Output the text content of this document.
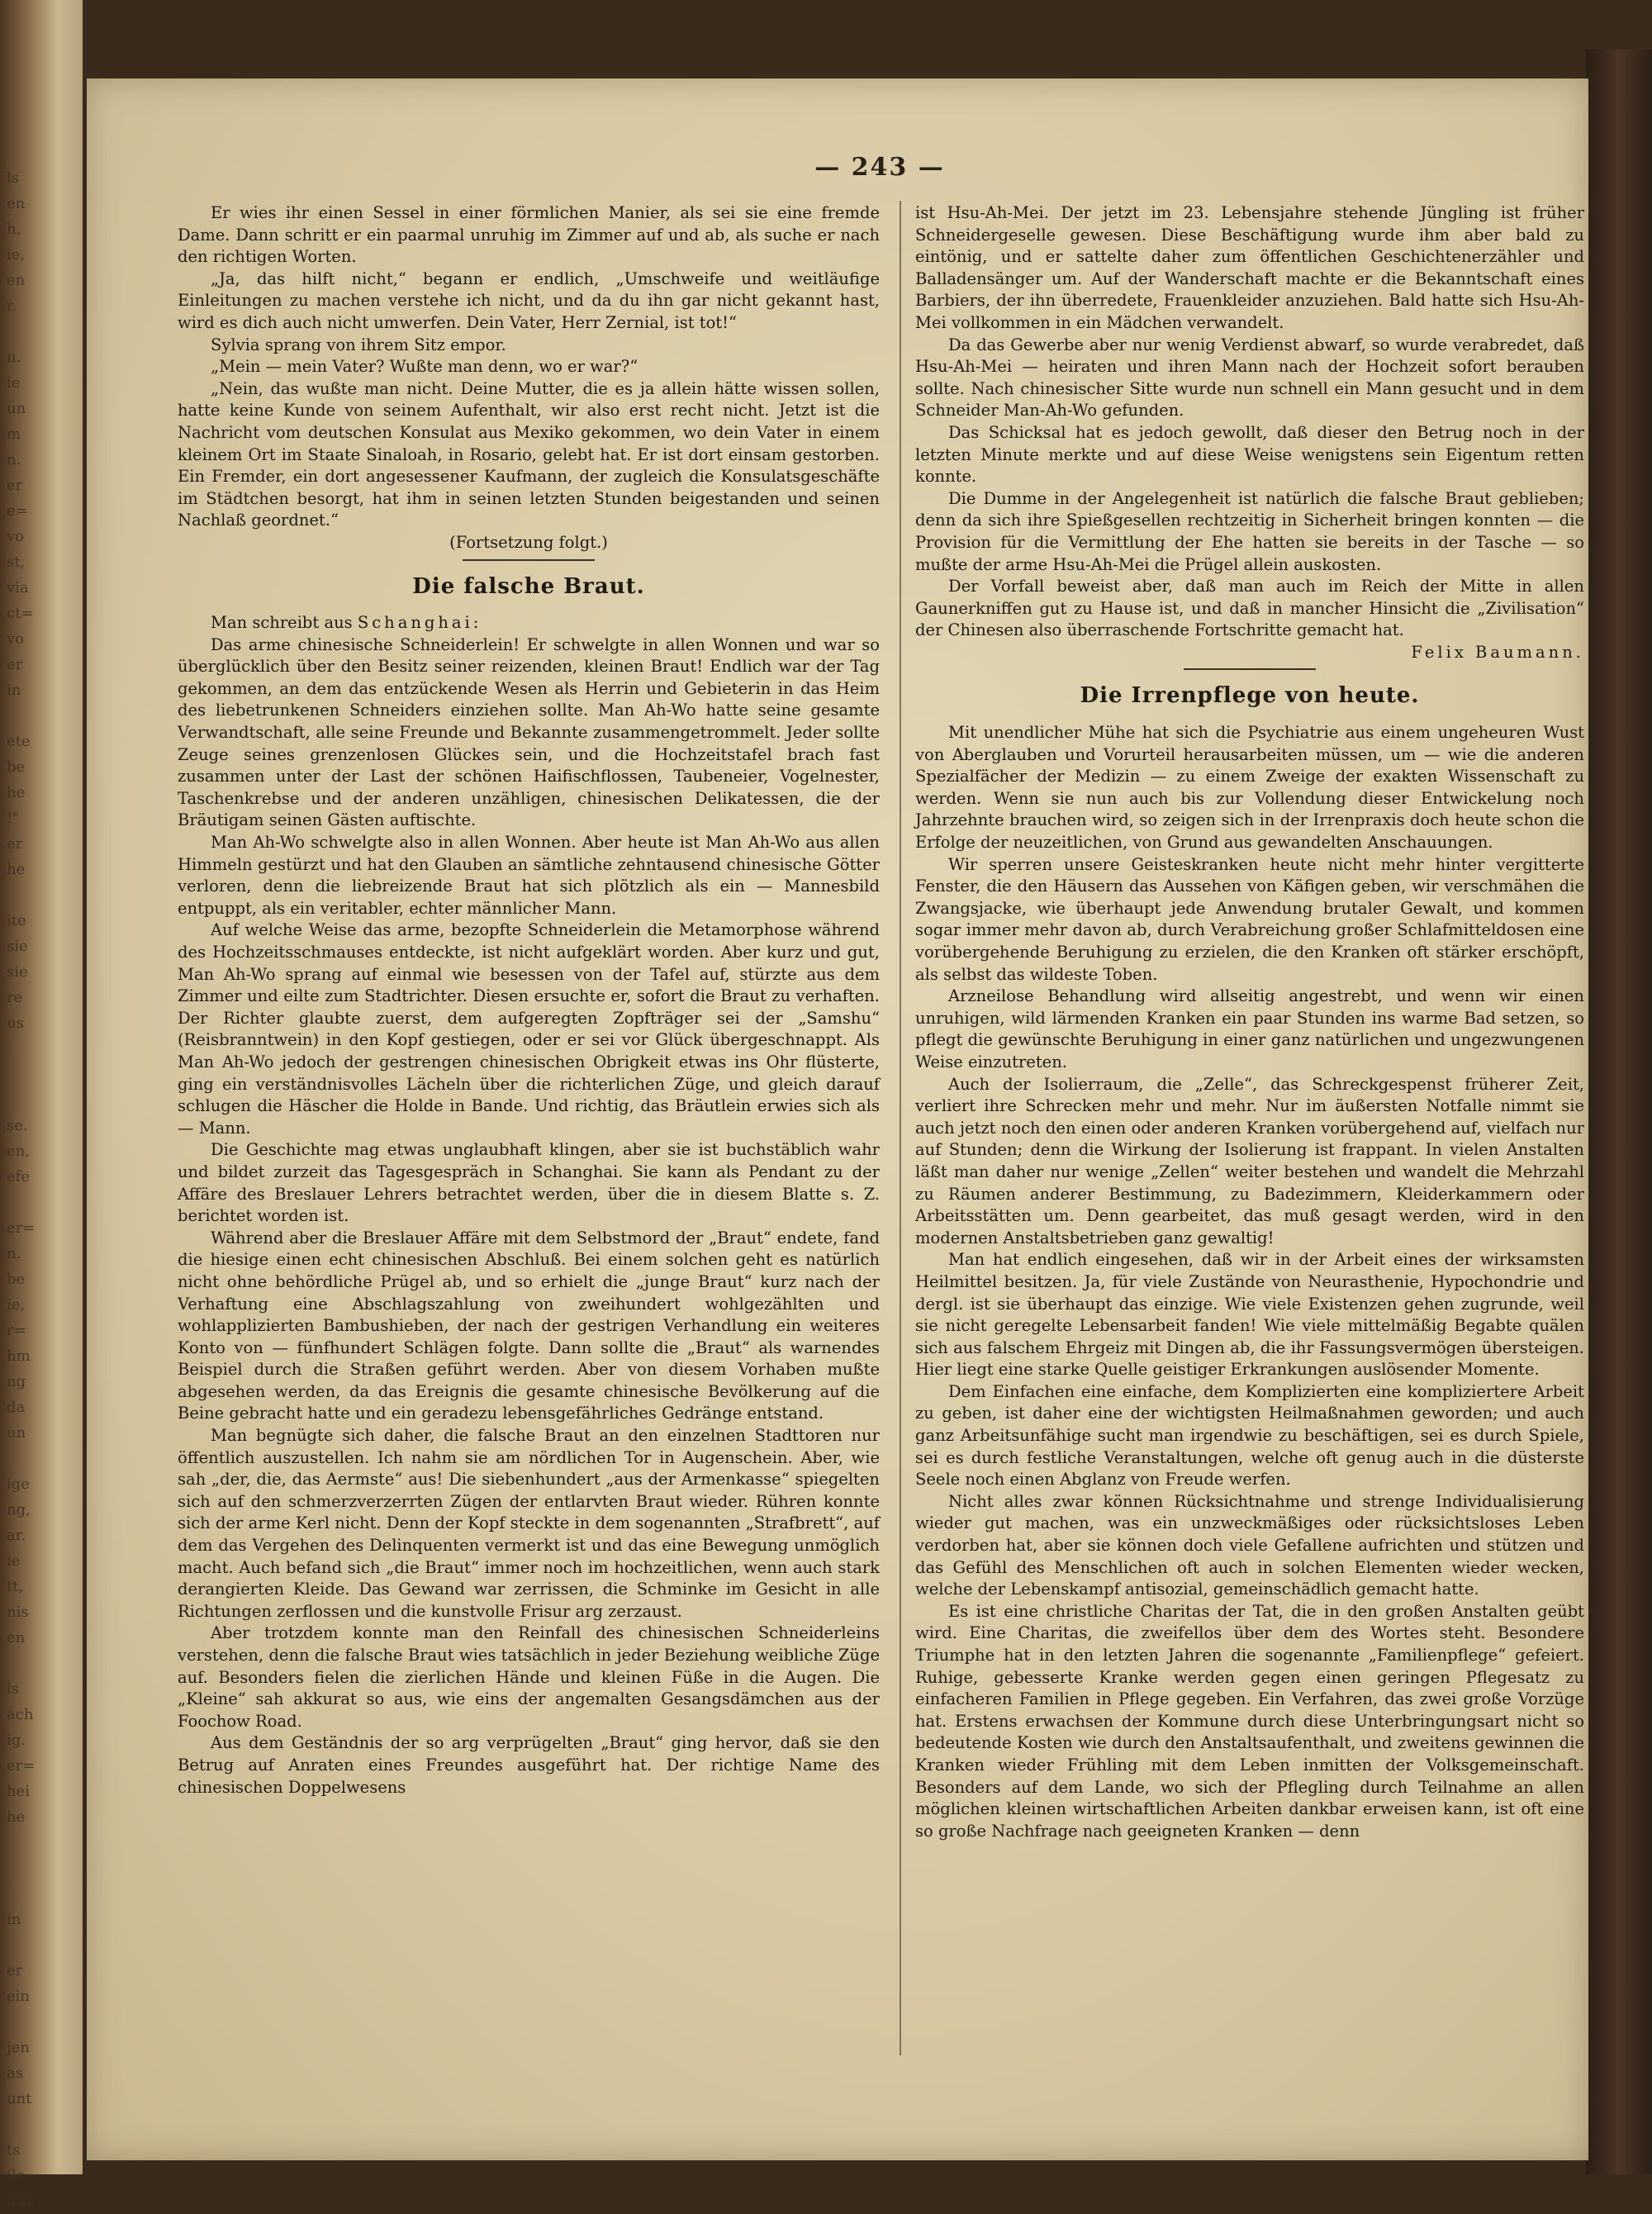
ls
en
h,
ie,
en
r.
n.
ie
un
m
n.
er
e=
vo
st,
via
ct=
vo
er
in
ete
be
he
!"
er
he
ite
sie
sie
re
us
se.
en,
efe
er=
n.
be
ie,
r=
hm
ng
da
un
ige
ng,
ar.
ie
tt,
nis
en
ls
ach
ig.
er=
hei
he
in
er
ein
jen
as
unt
ts
ile
unn
— 243 —

Er wies ihr einen Sessel in einer förmlichen Manier, als sei sie eine fremde Dame. Dann schritt er ein paarmal unruhig im Zimmer auf und ab, als suche er nach den richtigen Worten.

„Ja, das hilft nicht,“ begann er endlich, „Umschweife und weitläufige Einleitungen zu machen verstehe ich nicht, und da du ihn gar nicht gekannt hast, wird es dich auch nicht umwerfen. Dein Vater, Herr Zernial, ist tot!“

Sylvia sprang von ihrem Sitz empor.

„Mein — mein Vater? Wußte man denn, wo er war?“

„Nein, das wußte man nicht. Deine Mutter, die es ja allein hätte wissen sollen, hatte keine Kunde von seinem Aufenthalt, wir also erst recht nicht. Jetzt ist die Nachricht vom deutschen Konsulat aus Mexiko gekommen, wo dein Vater in einem kleinem Ort im Staate Sinaloah, in Rosario, gelebt hat. Er ist dort einsam gestorben. Ein Fremder, ein dort angesessener Kaufmann, der zugleich die Konsulatsgeschäfte im Städtchen besorgt, hat ihm in seinen letzten Stunden beigestanden und seinen Nachlaß geordnet.“

(Fortsetzung folgt.)

Die falsche Braut.

Man schreibt aus Schanghai:

Das arme chinesische Schneiderlein! Er schwelgte in allen Wonnen und war so überglücklich über den Besitz seiner reizenden, kleinen Braut! Endlich war der Tag gekommen, an dem das entzückende Wesen als Herrin und Gebieterin in das Heim des liebetrunkenen Schneiders einziehen sollte. Man Ah-Wo hatte seine gesamte Verwandtschaft, alle seine Freunde und Bekannte zusammengetrommelt. Jeder sollte Zeuge seines grenzenlosen Glückes sein, und die Hochzeitstafel brach fast zusammen unter der Last der schönen Haifischflossen, Taubeneier, Vogelnester, Taschenkrebse und der anderen unzähligen, chinesischen Delikatessen, die der Bräutigam seinen Gästen auftischte.

Man Ah-Wo schwelgte also in allen Wonnen. Aber heute ist Man Ah-Wo aus allen Himmeln gestürzt und hat den Glauben an sämtliche zehntausend chinesische Götter verloren, denn die liebreizende Braut hat sich plötzlich als ein — Mannesbild entpuppt, als ein veritabler, echter männlicher Mann.

Auf welche Weise das arme, bezopfte Schneiderlein die Metamorphose während des Hochzeitsschmauses entdeckte, ist nicht aufgeklärt worden. Aber kurz und gut, Man Ah-Wo sprang auf einmal wie besessen von der Tafel auf, stürzte aus dem Zimmer und eilte zum Stadtrichter. Diesen ersuchte er, sofort die Braut zu verhaften. Der Richter glaubte zuerst, dem aufgeregten Zopfträger sei der „Samshu“ (Reisbranntwein) in den Kopf gestiegen, oder er sei vor Glück übergeschnappt. Als Man Ah-Wo jedoch der gestrengen chinesischen Obrigkeit etwas ins Ohr flüsterte, ging ein verständnisvolles Lächeln über die richterlichen Züge, und gleich darauf schlugen die Häscher die Holde in Bande. Und richtig, das Bräutlein erwies sich als — Mann.

Die Geschichte mag etwas unglaubhaft klingen, aber sie ist buchstäblich wahr und bildet zurzeit das Tagesgespräch in Schanghai. Sie kann als Pendant zu der Affäre des Breslauer Lehrers betrachtet werden, über die in diesem Blatte s. Z. berichtet worden ist.

Während aber die Breslauer Affäre mit dem Selbstmord der „Braut“ endete, fand die hiesige einen echt chinesischen Abschluß. Bei einem solchen geht es natürlich nicht ohne behördliche Prügel ab, und so erhielt die „junge Braut“ kurz nach der Verhaftung eine Abschlagszahlung von zweihundert wohlgezählten und wohlapplizierten Bambushieben, der nach der gestrigen Verhandlung ein weiteres Konto von — fünfhundert Schlägen folgte. Dann sollte die „Braut“ als warnendes Beispiel durch die Straßen geführt werden. Aber von diesem Vorhaben mußte abgesehen werden, da das Ereignis die gesamte chinesische Bevölkerung auf die Beine gebracht hatte und ein geradezu lebensgefährliches Gedränge entstand.

Man begnügte sich daher, die falsche Braut an den einzelnen Stadttoren nur öffentlich auszustellen. Ich nahm sie am nördlichen Tor in Augenschein. Aber, wie sah „der, die, das Aermste“ aus! Die siebenhundert „aus der Armenkasse“ spiegelten sich auf den schmerzverzerrten Zügen der entlarvten Braut wieder. Rühren konnte sich der arme Kerl nicht. Denn der Kopf steckte in dem sogenannten „Strafbrett“, auf dem das Vergehen des Delinquenten vermerkt ist und das eine Bewegung unmöglich macht. Auch befand sich „die Braut“ immer noch im hochzeitlichen, wenn auch stark derangierten Kleide. Das Gewand war zerrissen, die Schminke im Gesicht in alle Richtungen zerflossen und die kunstvolle Frisur arg zerzaust.

Aber trotzdem konnte man den Reinfall des chinesischen Schneiderleins verstehen, denn die falsche Braut wies tatsächlich in jeder Beziehung weibliche Züge auf. Besonders fielen die zierlichen Hände und kleinen Füße in die Augen. Die „Kleine“ sah akkurat so aus, wie eins der angemalten Gesangsdämchen aus der Foochow Road.

Aus dem Geständnis der so arg verprügelten „Braut“ ging hervor, daß sie den Betrug auf Anraten eines Freundes ausgeführt hat. Der richtige Name des chinesischen Doppelwesens

ist Hsu-Ah-Mei. Der jetzt im 23. Lebensjahre stehende Jüngling ist früher Schneidergeselle gewesen. Diese Beschäftigung wurde ihm aber bald zu eintönig, und er sattelte daher zum öffentlichen Geschichtenerzähler und Balladensänger um. Auf der Wanderschaft machte er die Bekanntschaft eines Barbiers, der ihn überredete, Frauenkleider anzuziehen. Bald hatte sich Hsu-Ah-Mei vollkommen in ein Mädchen verwandelt.

Da das Gewerbe aber nur wenig Verdienst abwarf, so wurde verabredet, daß Hsu-Ah-Mei — heiraten und ihren Mann nach der Hochzeit sofort berauben sollte. Nach chinesischer Sitte wurde nun schnell ein Mann gesucht und in dem Schneider Man-Ah-Wo gefunden.

Das Schicksal hat es jedoch gewollt, daß dieser den Betrug noch in der letzten Minute merkte und auf diese Weise wenigstens sein Eigentum retten konnte.

Die Dumme in der Angelegenheit ist natürlich die falsche Braut geblieben; denn da sich ihre Spießgesellen rechtzeitig in Sicherheit bringen konnten — die Provision für die Vermittlung der Ehe hatten sie bereits in der Tasche — so mußte der arme Hsu-Ah-Mei die Prügel allein auskosten.

Der Vorfall beweist aber, daß man auch im Reich der Mitte in allen Gaunerkniffen gut zu Hause ist, und daß in mancher Hinsicht die „Zivilisation“ der Chinesen also überraschende Fortschritte gemacht hat.

Felix Baumann.

Die Irrenpflege von heute.

Mit unendlicher Mühe hat sich die Psychiatrie aus einem ungeheuren Wust von Aberglauben und Vorurteil herausarbeiten müssen, um — wie die anderen Spezialfächer der Medizin — zu einem Zweige der exakten Wissenschaft zu werden. Wenn sie nun auch bis zur Vollendung dieser Entwickelung noch Jahrzehnte brauchen wird, so zeigen sich in der Irrenpraxis doch heute schon die Erfolge der neuzeitlichen, von Grund aus gewandelten Anschauungen.

Wir sperren unsere Geisteskranken heute nicht mehr hinter vergitterte Fenster, die den Häusern das Aussehen von Käfigen geben, wir verschmähen die Zwangsjacke, wie überhaupt jede Anwendung brutaler Gewalt, und kommen sogar immer mehr davon ab, durch Verabreichung großer Schlafmitteldosen eine vorübergehende Beruhigung zu erzielen, die den Kranken oft stärker erschöpft, als selbst das wildeste Toben.

Arzneilose Behandlung wird allseitig angestrebt, und wenn wir einen unruhigen, wild lärmenden Kranken ein paar Stunden ins warme Bad setzen, so pflegt die gewünschte Beruhigung in einer ganz natürlichen und ungezwungenen Weise einzutreten.

Auch der Isolierraum, die „Zelle“, das Schreckgespenst früherer Zeit, verliert ihre Schrecken mehr und mehr. Nur im äußersten Notfalle nimmt sie auch jetzt noch den einen oder anderen Kranken vorübergehend auf, vielfach nur auf Stunden; denn die Wirkung der Isolierung ist frappant. In vielen Anstalten läßt man daher nur wenige „Zellen“ weiter bestehen und wandelt die Mehrzahl zu Räumen anderer Bestimmung, zu Badezimmern, Kleiderkammern oder Arbeitsstätten um. Denn gearbeitet, das muß gesagt werden, wird in den modernen Anstaltsbetrieben ganz gewaltig!

Man hat endlich eingesehen, daß wir in der Arbeit eines der wirksamsten Heilmittel besitzen. Ja, für viele Zustände von Neurasthenie, Hypochondrie und dergl. ist sie überhaupt das einzige. Wie viele Existenzen gehen zugrunde, weil sie nicht geregelte Lebensarbeit fanden! Wie viele mittelmäßig Begabte quälen sich aus falschem Ehrgeiz mit Dingen ab, die ihr Fassungsvermögen übersteigen. Hier liegt eine starke Quelle geistiger Erkrankungen auslösender Momente.

Dem Einfachen eine einfache, dem Komplizierten eine kompliziertere Arbeit zu geben, ist daher eine der wichtigsten Heilmaßnahmen geworden; und auch ganz Arbeitsunfähige sucht man irgendwie zu beschäftigen, sei es durch Spiele, sei es durch festliche Veranstaltungen, welche oft genug auch in die düsterste Seele noch einen Abglanz von Freude werfen.

Nicht alles zwar können Rücksichtnahme und strenge Individualisierung wieder gut machen, was ein unzweckmäßiges oder rücksichtsloses Leben verdorben hat, aber sie können doch viele Gefallene aufrichten und stützen und das Gefühl des Menschlichen oft auch in solchen Elementen wieder wecken, welche der Lebenskampf antisozial, gemeinschädlich gemacht hatte.

Es ist eine christliche Charitas der Tat, die in den großen Anstalten geübt wird. Eine Charitas, die zweifellos über dem des Wortes steht. Besondere Triumphe hat in den letzten Jahren die sogenannte „Familienpflege“ gefeiert. Ruhige, gebesserte Kranke werden gegen einen geringen Pflegesatz zu einfacheren Familien in Pflege gegeben. Ein Verfahren, das zwei große Vorzüge hat. Erstens erwachsen der Kommune durch diese Unterbringungsart nicht so bedeutende Kosten wie durch den Anstaltsaufenthalt, und zweitens gewinnen die Kranken wieder Frühling mit dem Leben inmitten der Volksgemeinschaft. Besonders auf dem Lande, wo sich der Pflegling durch Teilnahme an allen möglichen kleinen wirtschaftlichen Arbeiten dankbar erweisen kann, ist oft eine so große Nachfrage nach geeigneten Kranken — denn
